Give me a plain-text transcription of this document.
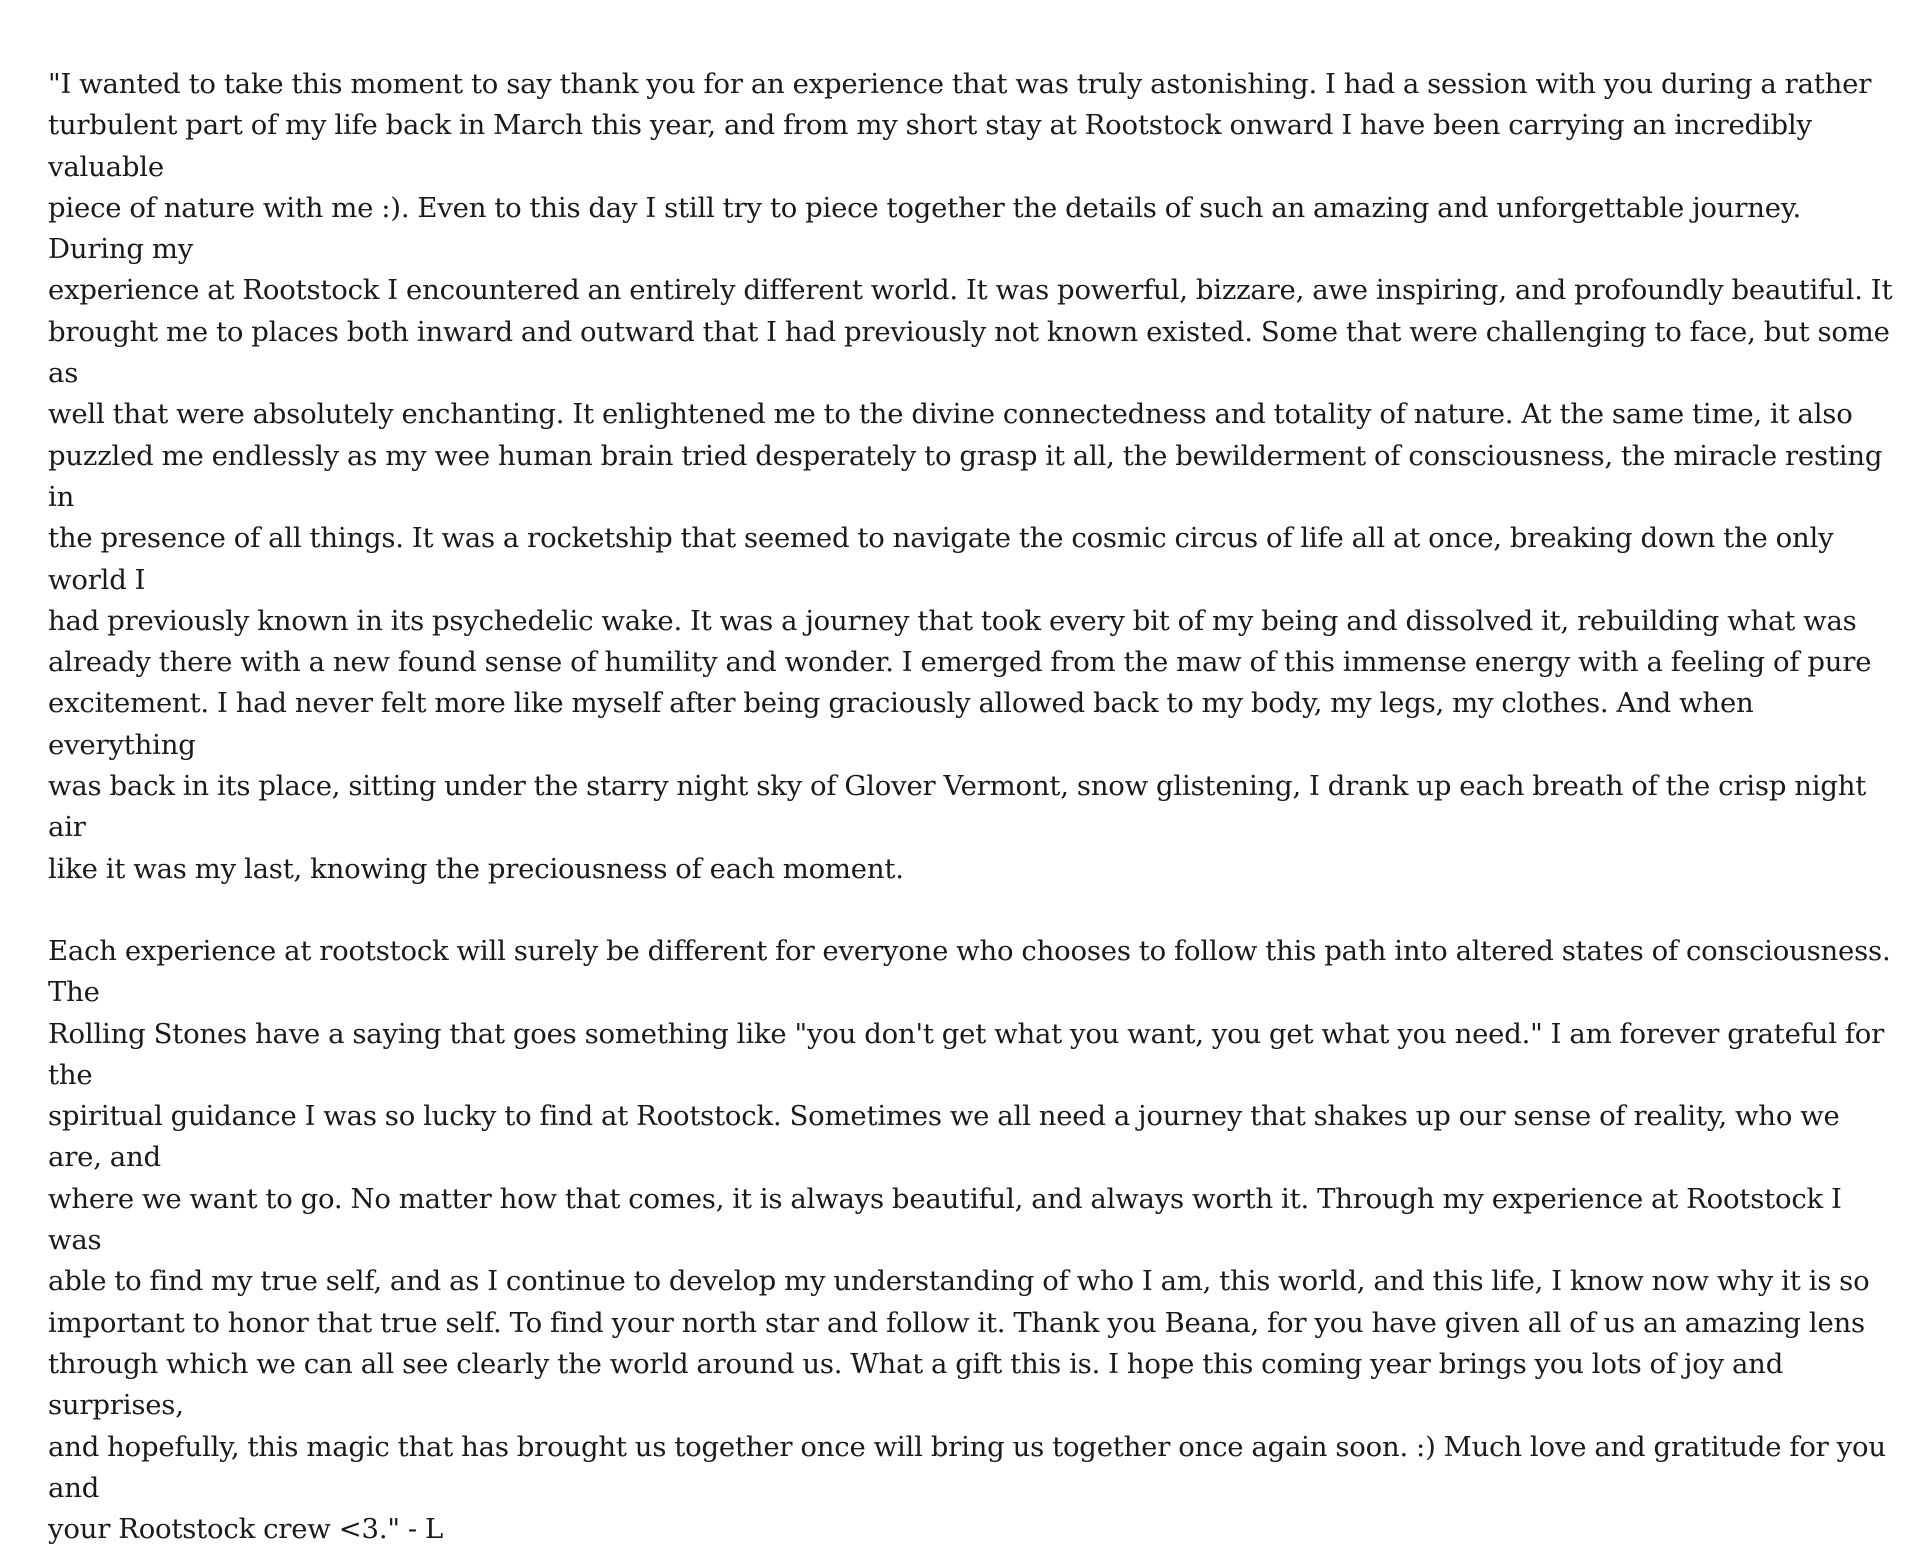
"I wanted to take this moment to say thank you for an experience that was truly astonishing. I had a session with you during a rather
turbulent part of my life back in March this year, and from my short stay at Rootstock onward I have been carrying an incredibly valuable
piece of nature with me :). Even to this day I still try to piece together the details of such an amazing and unforgettable journey. During my
experience at Rootstock I encountered an entirely different world. It was powerful, bizzare, awe inspiring, and profoundly beautiful. It
brought me to places both inward and outward that I had previously not known existed. Some that were challenging to face, but some as
well that were absolutely enchanting. It enlightened me to the divine connectedness and totality of nature. At the same time, it also
puzzled me endlessly as my wee human brain tried desperately to grasp it all, the bewilderment of consciousness, the miracle resting in
the presence of all things. It was a rocketship that seemed to navigate the cosmic circus of life all at once, breaking down the only world I
had previously known in its psychedelic wake. It was a journey that took every bit of my being and dissolved it, rebuilding what was
already there with a new found sense of humility and wonder. I emerged from the maw of this immense energy with a feeling of pure
excitement. I had never felt more like myself after being graciously allowed back to my body, my legs, my clothes. And when everything
was back in its place, sitting under the starry night sky of Glover Vermont, snow glistening, I drank up each breath of the crisp night air
like it was my last, knowing the preciousness of each moment.

Each experience at rootstock will surely be different for everyone who chooses to follow this path into altered states of consciousness. The
Rolling Stones have a saying that goes something like "you don't get what you want, you get what you need." I am forever grateful for the
spiritual guidance I was so lucky to find at Rootstock. Sometimes we all need a journey that shakes up our sense of reality, who we are, and
where we want to go. No matter how that comes, it is always beautiful, and always worth it. Through my experience at Rootstock I was
able to find my true self, and as I continue to develop my understanding of who I am, this world, and this life, I know now why it is so
important to honor that true self. To find your north star and follow it. Thank you Beana, for you have given all of us an amazing lens
through which we can all see clearly the world around us. What a gift this is. I hope this coming year brings you lots of joy and surprises,
and hopefully, this magic that has brought us together once will bring us together once again soon. :) Much love and gratitude for you and
your Rootstock crew <3." - L
